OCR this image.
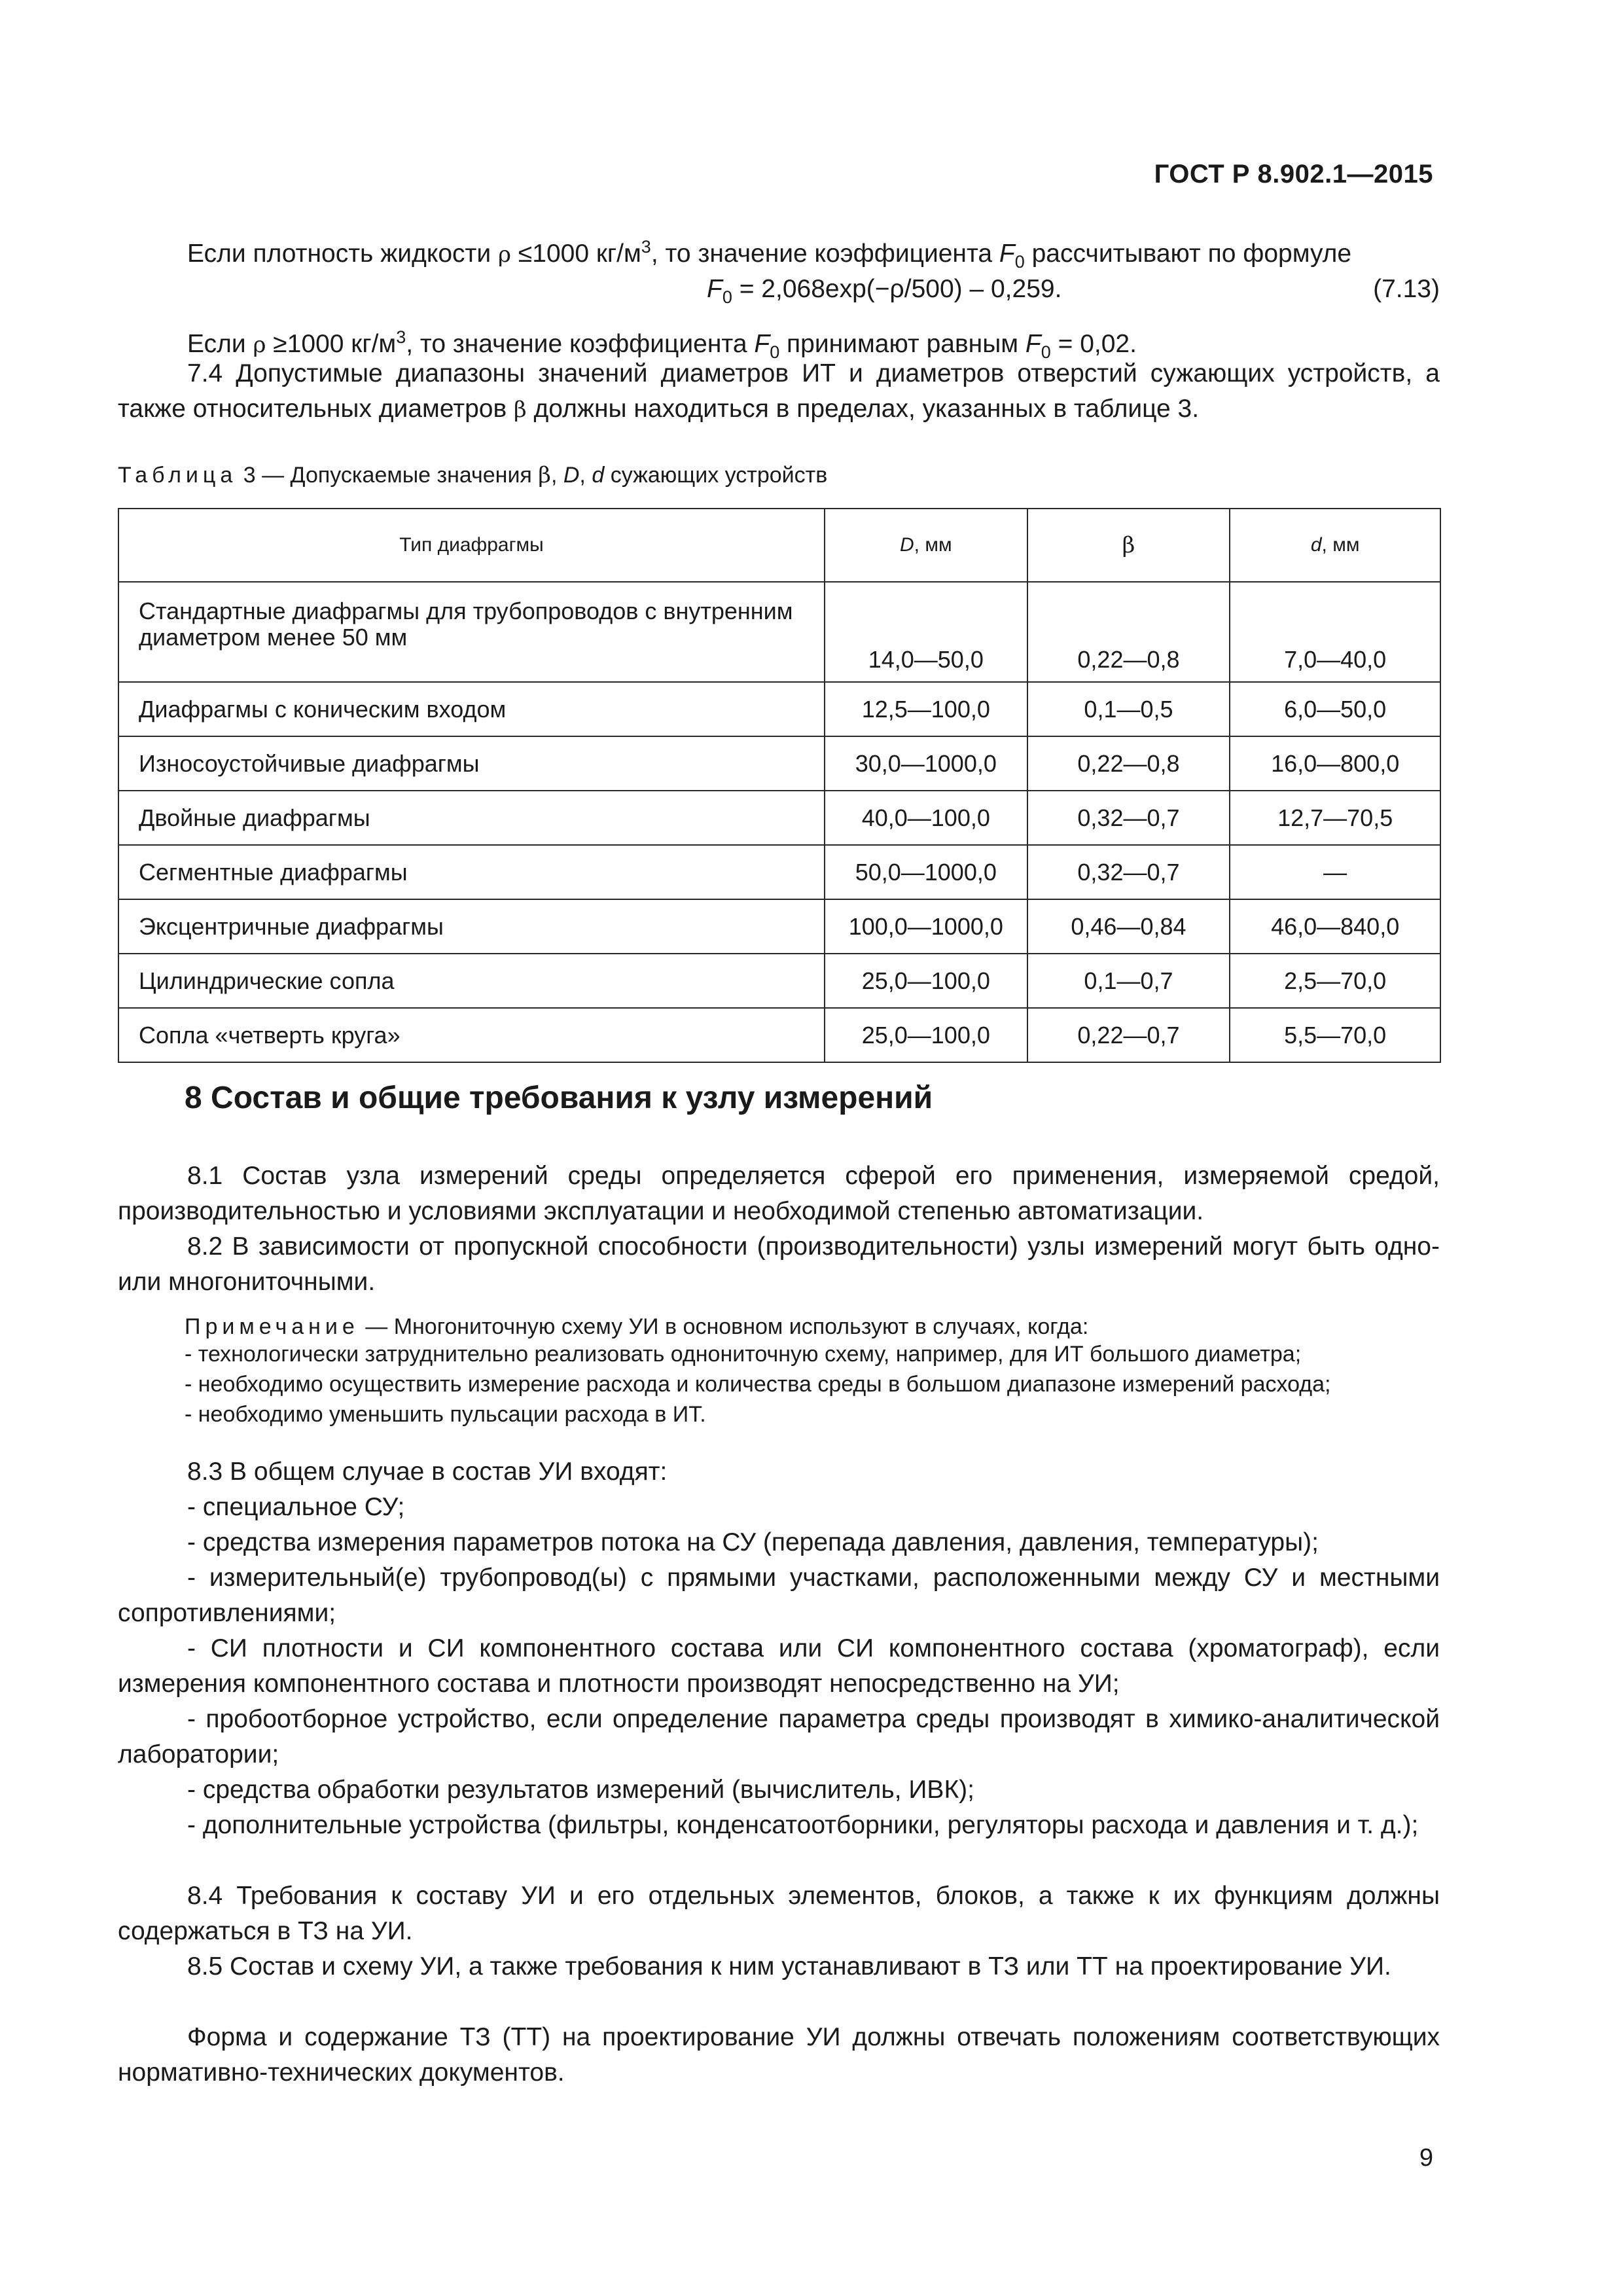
ГОСТ Р 8.902.1—2015

Если плотность жидкости ρ ≤1000 $кг/м^3$, то значение коэффициента $F_0$ рассчитывают по формуле

$F_0 = 2,068\exp(-\rho/500) - 0,259$.	(7.13)

Если ρ ≥1000 $кг/м^3$, то значение коэффициента $F_0$ принимают равным $F_0 = 0,02$.

7.4 Допустимые диапазоны значений диаметров ИТ и диаметров отверстий сужающих устройств, а также относительных диаметров β должны находиться в пределах, указанных в таблице 3.

Таблица 3 — Допускаемые значения β, D, d сужающих устройств
Тип диафрагмы	D, мм	β	d, мм
Стандартные диафрагмы для трубопроводов с внутренним диаметром менее 50 мм	14,0—50,0	0,22—0,8	7,0—40,0
Диафрагмы с коническим входом	12,5—100,0	0,1—0,5	6,0—50,0
Износоустойчивые диафрагмы	30,0—1000,0	0,22—0,8	16,0—800,0
Двойные диафрагмы	40,0—100,0	0,32—0,7	12,7—70,5
Сегментные диафрагмы	50,0—1000,0	0,32—0,7	—
Эксцентричные диафрагмы	100,0—1000,0	0,46—0,84	46,0—840,0
Цилиндрические сопла	25,0—100,0	0,1—0,7	2,5—70,0
Сопла «четверть круга»	25,0—100,0	0,22—0,7	5,5—70,0
8 Состав и общие требования к узлу измерений

8.1 Состав узла измерений среды определяется сферой его применения, измеряемой средой, производительностью и условиями эксплуатации и необходимой степенью автоматизации.

8.2 В зависимости от пропускной способности (производительности) узлы измерений могут быть одно- или многониточными.

Примечание — Многониточную схему УИ в основном используют в случаях, когда:
- технологически затруднительно реализовать однониточную схему, например, для ИТ большого диаметра;
- необходимо осуществить измерение расхода и количества среды в большом диапазоне измерений расхода;
- необходимо уменьшить пульсации расхода в ИТ.

8.3 В общем случае в состав УИ входят:

- специальное СУ;

- средства измерения параметров потока на СУ (перепада давления, давления, температуры);

- измерительный(е) трубопровод(ы) с прямыми участками, расположенными между СУ и местными сопротивлениями;

- СИ плотности и СИ компонентного состава или СИ компонентного состава (хроматограф), если измерения компонентного состава и плотности производят непосредственно на УИ;

- пробоотборное устройство, если определение параметра среды производят в химико-аналитической лаборатории;

- средства обработки результатов измерений (вычислитель, ИВК);

- дополнительные устройства (фильтры, конденсатоотборники, регуляторы расхода и давления и т. д.);

8.4 Требования к составу УИ и его отдельных элементов, блоков, а также к их функциям должны содержаться в ТЗ на УИ.

8.5 Состав и схему УИ, а также требования к ним устанавливают в ТЗ или ТТ на проектирование УИ.

Форма и содержание ТЗ (ТТ) на проектирование УИ должны отвечать положениям соответствующих нормативно-технических документов.

9
